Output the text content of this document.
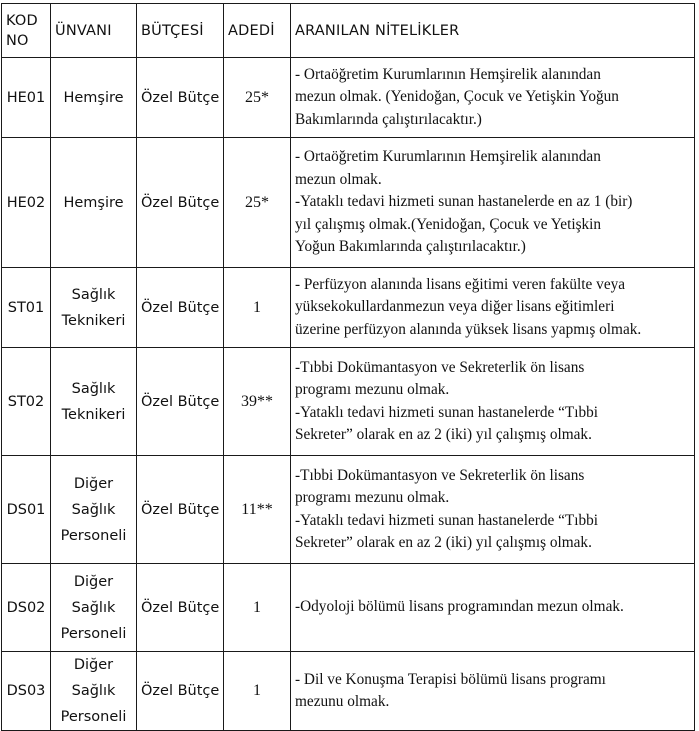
KOD
NO	ÜNVANI	BÜTÇESİ	ADEDİ	ARANILAN NİTELİKLER
HE01	Hemşire	Özel Bütçe	25*	- Ortaöğretim Kurumlarının Hemşirelik alanından
mezun olmak. (Yenidoğan, Çocuk ve Yetişkin Yoğun
Bakımlarında çalıştırılacaktır.)

HE02	Hemşire	Özel Bütçe	25*	- Ortaöğretim Kurumlarının Hemşirelik alanından
mezun olmak.
-Yataklı tedavi hizmeti sunan hastanelerde en az 1 (bir)
yıl çalışmış olmak.(Yenidoğan, Çocuk ve Yetişkin
Yoğun Bakımlarında çalıştırılacaktır.)

ST01	Sağlık
Teknikeri	Özel Bütçe	1	- Perfüzyon alanında lisans eğitimi veren fakülte veya
yüksekokullardanmezun veya diğer lisans eğitimleri
üzerine perfüzyon alanında yüksek lisans yapmış olmak.

ST02	Sağlık
Teknikeri	Özel Bütçe	39**	-Tıbbi Dokümantasyon ve Sekreterlik ön lisans
programı mezunu olmak.
-Yataklı tedavi hizmeti sunan hastanelerde “Tıbbi
Sekreter” olarak en az 2 (iki) yıl çalışmış olmak.

DS01	Diğer
Sağlık
Personeli	Özel Bütçe	11**	-Tıbbi Dokümantasyon ve Sekreterlik ön lisans
programı mezunu olmak.
-Yataklı tedavi hizmeti sunan hastanelerde “Tıbbi
Sekreter” olarak en az 2 (iki) yıl çalışmış olmak.

DS02	Diğer
Sağlık
Personeli	Özel Bütçe	1	-Odyoloji bölümü lisans programından mezun olmak.

DS03	Diğer
Sağlık
Personeli	Özel Bütçe	1	- Dil ve Konuşma Terapisi bölümü lisans programı
mezunu olmak.
